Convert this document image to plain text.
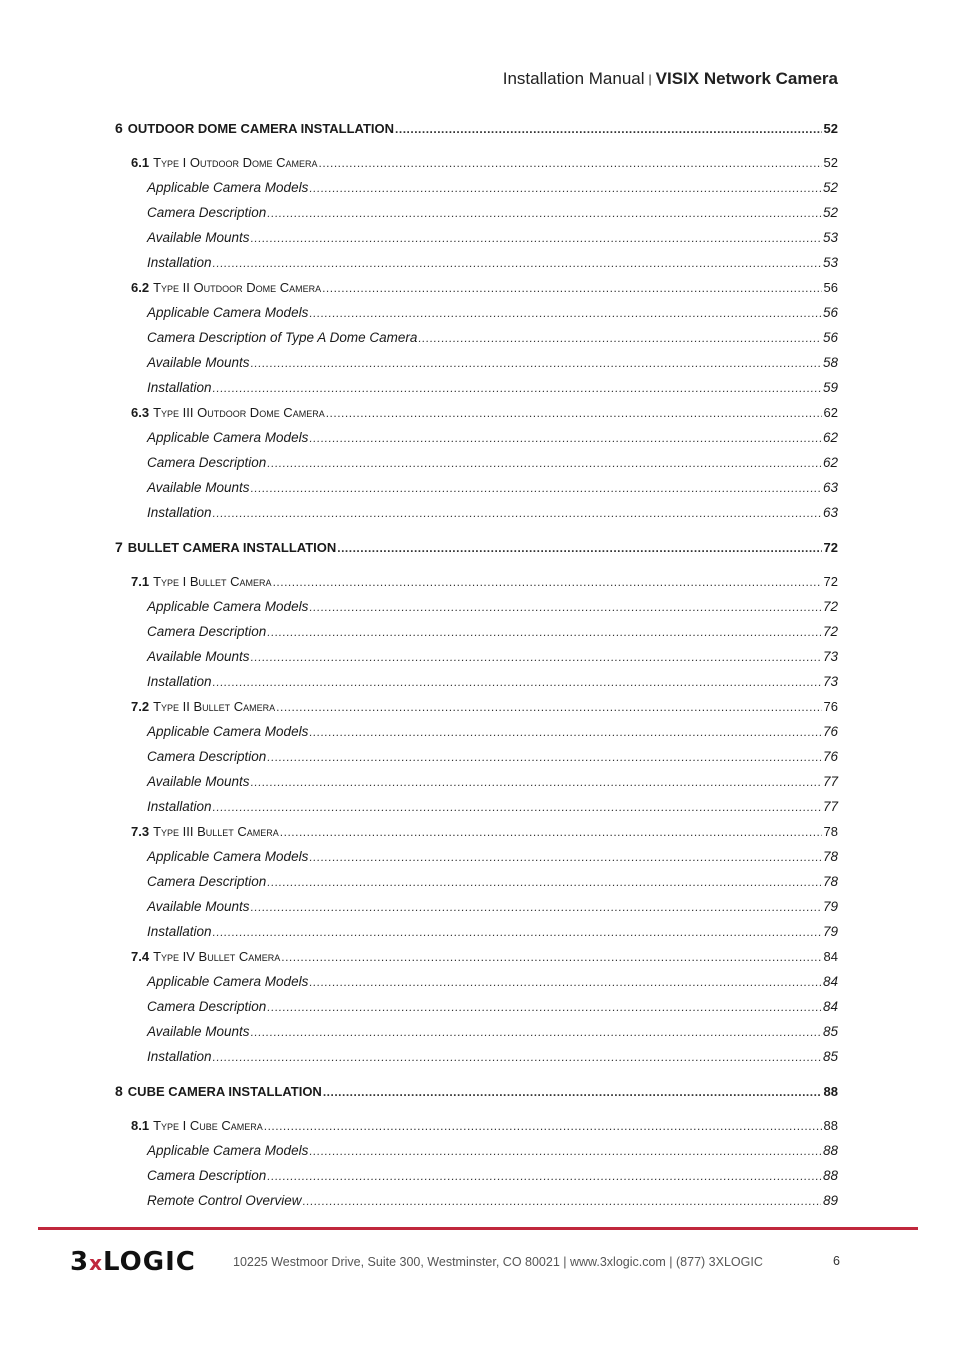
Installation Manual | VISIX Network Camera
6 OUTDOOR DOME CAMERA INSTALLATION .....	52
6.1 Type I Outdoor Dome Camera .....	52
Applicable Camera Models .....	52
Camera Description .....	52
Available Mounts .....	53
Installation .....	53
6.2 Type II Outdoor Dome Camera .....	56
Applicable Camera Models .....	56
Camera Description of Type A Dome Camera .....	56
Available Mounts .....	58
Installation .....	59
6.3 Type III Outdoor Dome Camera .....	62
Applicable Camera Models .....	62
Camera Description .....	62
Available Mounts .....	63
Installation .....	63
7 BULLET CAMERA INSTALLATION .....	72
7.1 Type I Bullet Camera .....	72
Applicable Camera Models .....	72
Camera Description .....	72
Available Mounts .....	73
Installation .....	73
7.2 Type II Bullet Camera .....	76
Applicable Camera Models .....	76
Camera Description .....	76
Available Mounts .....	77
Installation .....	77
7.3 Type III Bullet Camera .....	78
Applicable Camera Models .....	78
Camera Description .....	78
Available Mounts .....	79
Installation .....	79
7.4 Type IV Bullet Camera .....	84
Applicable Camera Models .....	84
Camera Description .....	84
Available Mounts .....	85
Installation .....	85
8 CUBE CAMERA INSTALLATION .....	88
8.1 Type I Cube Camera .....	88
Applicable Camera Models .....	88
Camera Description .....	88
Remote Control Overview .....	89
3xLOGIC	10225 Westmoor Drive, Suite 300, Westminster, CO 80021 | www.3xlogic.com | (877) 3XLOGIC	6
